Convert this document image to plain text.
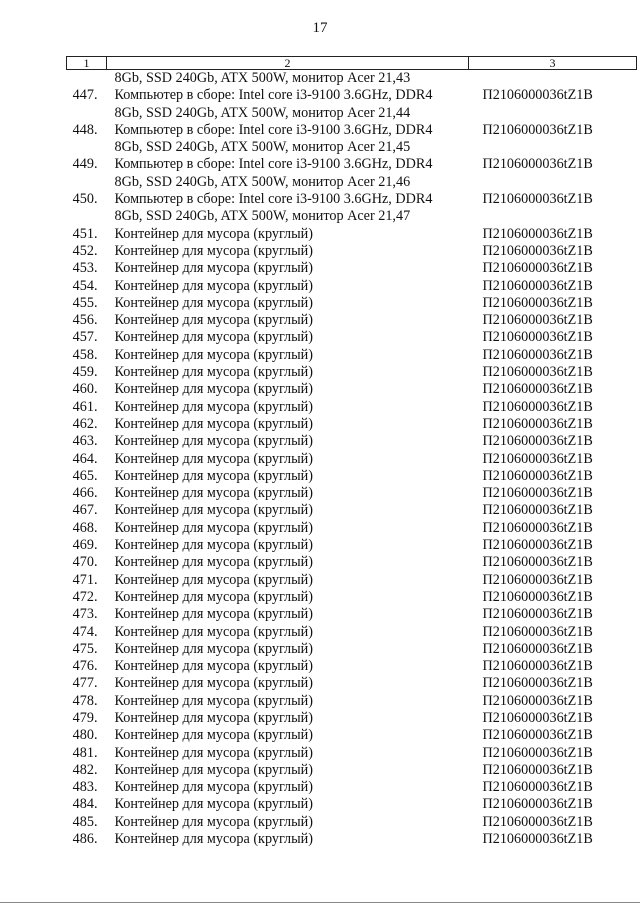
17
1	2	3
	8Gb, SSD 240Gb, ATX 500W, монитор Acer 21,43	
447.	Компьютер в сборе: Intel core i3-9100 3.6GHz, DDR4	П2106000036tZ1B
	8Gb, SSD 240Gb, ATX 500W, монитор Acer 21,44	
448.	Компьютер в сборе: Intel core i3-9100 3.6GHz, DDR4	П2106000036tZ1B
	8Gb, SSD 240Gb, ATX 500W, монитор Acer 21,45	
449.	Компьютер в сборе: Intel core i3-9100 3.6GHz, DDR4	П2106000036tZ1B
	8Gb, SSD 240Gb, ATX 500W, монитор Acer 21,46	
450.	Компьютер в сборе: Intel core i3-9100 3.6GHz, DDR4	П2106000036tZ1B
	8Gb, SSD 240Gb, ATX 500W, монитор Acer 21,47	
451.	Контейнер для мусора (круглый)	П2106000036tZ1B
452.	Контейнер для мусора (круглый)	П2106000036tZ1B
453.	Контейнер для мусора (круглый)	П2106000036tZ1B
454.	Контейнер для мусора (круглый)	П2106000036tZ1B
455.	Контейнер для мусора (круглый)	П2106000036tZ1B
456.	Контейнер для мусора (круглый)	П2106000036tZ1B
457.	Контейнер для мусора (круглый)	П2106000036tZ1B
458.	Контейнер для мусора (круглый)	П2106000036tZ1B
459.	Контейнер для мусора (круглый)	П2106000036tZ1B
460.	Контейнер для мусора (круглый)	П2106000036tZ1B
461.	Контейнер для мусора (круглый)	П2106000036tZ1B
462.	Контейнер для мусора (круглый)	П2106000036tZ1B
463.	Контейнер для мусора (круглый)	П2106000036tZ1B
464.	Контейнер для мусора (круглый)	П2106000036tZ1B
465.	Контейнер для мусора (круглый)	П2106000036tZ1B
466.	Контейнер для мусора (круглый)	П2106000036tZ1B
467.	Контейнер для мусора (круглый)	П2106000036tZ1B
468.	Контейнер для мусора (круглый)	П2106000036tZ1B
469.	Контейнер для мусора (круглый)	П2106000036tZ1B
470.	Контейнер для мусора (круглый)	П2106000036tZ1B
471.	Контейнер для мусора (круглый)	П2106000036tZ1B
472.	Контейнер для мусора (круглый)	П2106000036tZ1B
473.	Контейнер для мусора (круглый)	П2106000036tZ1B
474.	Контейнер для мусора (круглый)	П2106000036tZ1B
475.	Контейнер для мусора (круглый)	П2106000036tZ1B
476.	Контейнер для мусора (круглый)	П2106000036tZ1B
477.	Контейнер для мусора (круглый)	П2106000036tZ1B
478.	Контейнер для мусора (круглый)	П2106000036tZ1B
479.	Контейнер для мусора (круглый)	П2106000036tZ1B
480.	Контейнер для мусора (круглый)	П2106000036tZ1B
481.	Контейнер для мусора (круглый)	П2106000036tZ1B
482.	Контейнер для мусора (круглый)	П2106000036tZ1B
483.	Контейнер для мусора (круглый)	П2106000036tZ1B
484.	Контейнер для мусора (круглый)	П2106000036tZ1B
485.	Контейнер для мусора (круглый)	П2106000036tZ1B
486.	Контейнер для мусора (круглый)	П2106000036tZ1B
